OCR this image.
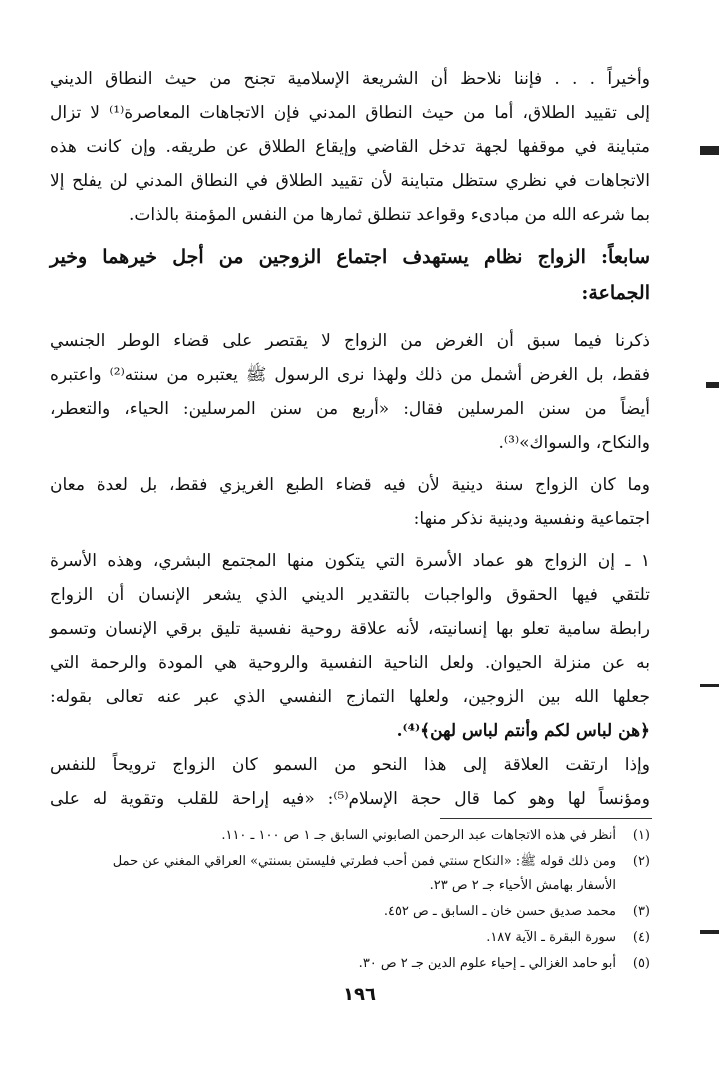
وأخيراً . . . فإننا نلاحظ أن الشريعة الإسلامية تجنح من حيث النطاق الديني
إلى تقييد الطلاق، أما من حيث النطاق المدني فإن الاتجاهات المعاصرة⁽¹⁾ لا تزال
متباينة في موقفها لجهة تدخل القاضي وإيقاع الطلاق عن طريقه. وإن كانت هذه
الاتجاهات في نظري ستظل متباينة لأن تقييد الطلاق في النطاق المدني لن يفلح إلا
بما شرعه الله من مبادىء وقواعد تنطلق ثمارها من النفس المؤمنة بالذات.
سابعاً: الزواج نظام يستهدف اجتماع الزوجين من أجل خيرهما وخير
الجماعة:
ذكرنا فيما سبق أن الغرض من الزواج لا يقتصر على قضاء الوطر الجنسي
فقط، بل الغرض أشمل من ذلك ولهذا نرى الرسول ﷺ يعتبره من سنته⁽²⁾ واعتبره
أيضاً من سنن المرسلين فقال: «أربع من سنن المرسلين: الحياء، والتعطر،
والنكاح، والسواك»⁽³⁾.
وما كان الزواج سنة دينية لأن فيه قضاء الطبع الغريزي فقط، بل لعدة معان
اجتماعية ونفسية ودينية نذكر منها:
١ ـ إن الزواج هو عماد الأسرة التي يتكون منها المجتمع البشري، وهذه الأسرة
تلتقي فيها الحقوق والواجبات بالتقدير الديني الذي يشعر الإنسان أن الزواج
رابطة سامية تعلو بها إنسانيته، لأنه علاقة روحية نفسية تليق برقي الإنسان وتسمو
به عن منزلة الحيوان. ولعل الناحية النفسية والروحية هي المودة والرحمة التي
جعلها الله بين الزوجين، ولعلها التمازج النفسي الذي عبر عنه تعالى بقوله:
﴿هن لباس لكم وأنتم لباس لهن﴾⁽⁴⁾.
وإذا ارتقت العلاقة إلى هذا النحو من السمو كان الزواج ترويحاً للنفس
ومؤنساً لها وهو كما قال حجة الإسلام⁽⁵⁾: «فيه إراحة للقلب وتقوية له على
(١)أنظر في هذه الاتجاهات عبد الرحمن الصابوني السابق جـ ١ ص ١٠٠ ـ ١١٠.
(٢)ومن ذلك قوله ﷺ: «النكاح سنتي فمن أحب فطرتي فليستن بسنتي» العراقي المغني عن حمل
الأسفار بهامش الأحياء جـ ٢ ص ٢٣.
(٣)محمد صديق حسن خان ـ السابق ـ ص ٤٥٢.
(٤)سورة البقرة ـ الآية ١٨٧.
(٥)أبو حامد الغزالي ـ إحياء علوم الدين جـ ٢ ص ٣٠.
١٩٦
